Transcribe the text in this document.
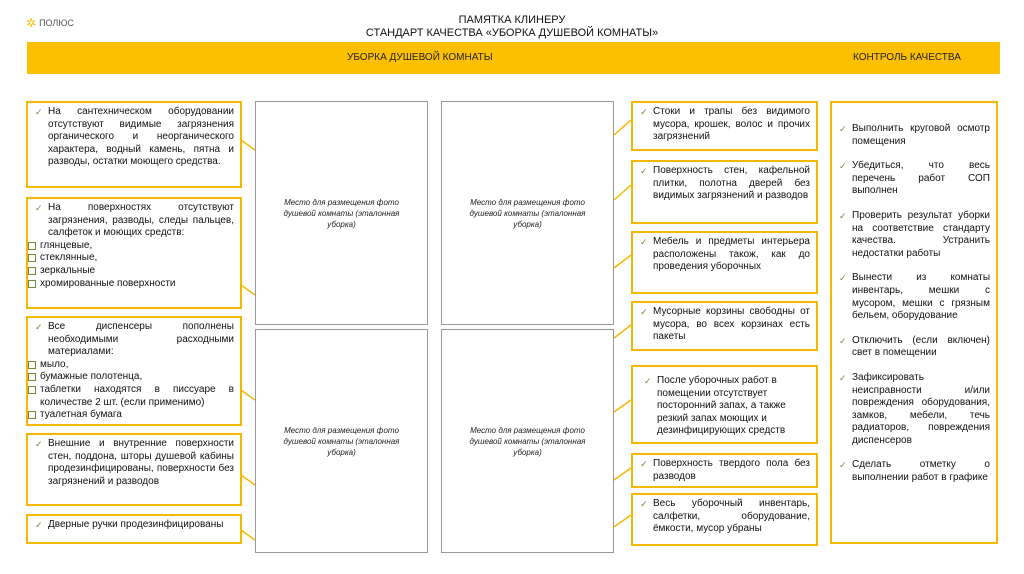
✲ ПОЛЮС	ПАМЯТКА КЛИНЕРУ
СТАНДАРТ КАЧЕСТВА «УБОРКА ДУШЕВОЙ КОМНАТЫ»
УБОРКА ДУШЕВОЙ КОМНАТЫ	КОНТРОЛЬ КАЧЕСТВА
✓ На сантехническом оборудовании отсутствуют видимые загрязнения органического и неорганического характера, водный камень, пятна и разводы, остатки моющего средства.
✓ На поверхностях отсутствуют загрязнения, разводы, следы пальцев, салфеток и моющих средств:
глянцевые,
стеклянные,
зеркальные
хромированные поверхности
✓ Все диспенсеры пополнены необходимыми расходными материалами:
мыло,
бумажные полотенца,
таблетки находятся в писсуаре в количестве 2 шт. (если применимо)
туалетная бумага
✓ Внешние и внутренние поверхности стен, поддона, шторы душевой кабины продезинфицированы, поверхности без загрязнений и разводов
✓ Дверные ручки продезинфицированы
Место для размещения фото душевой комнаты (эталонная уборка)
Место для размещения фото душевой комнаты (эталонная уборка)
Место для размещения фото душевой комнаты (эталонная уборка)
Место для размещения фото душевой комнаты (эталонная уборка)
✓ Стоки и трапы без видимого мусора, крошек, волос и прочих загрязнений
✓ Поверхность стен, кафельной плитки, полотна дверей без видимых загрязнений и разводов
✓ Мебель и предметы интерьера расположены також, как до проведения уборочных
✓ Мусорные корзины свободны от мусора, во всех корзинах есть пакеты
✓ После уборочных работ в помещении отсутствует посторонний запах, а также резкий запах моющих и дезинфицирующих средств
✓ Поверхность твердого пола без разводов
✓ Весь уборочный инвентарь, салфетки, оборудование, ёмкости, мусор убраны
✓ Выполнить круговой осмотр помещения
✓ Убедиться, что весь перечень работ СОП выполнен
✓ Проверить результат уборки на соответствие стандарту качества. Устранить недостатки работы
✓ Вынести из комнаты инвентарь, мешки с мусором, мешки с грязным бельем, оборудование
✓ Отключить (если включен) свет в помещении
✓ Зафиксировать неисправности и/или повреждения оборудования, замков, мебели, течь радиаторов, повреждения диспенсеров
✓ Сделать отметку о выполнении работ в графике
